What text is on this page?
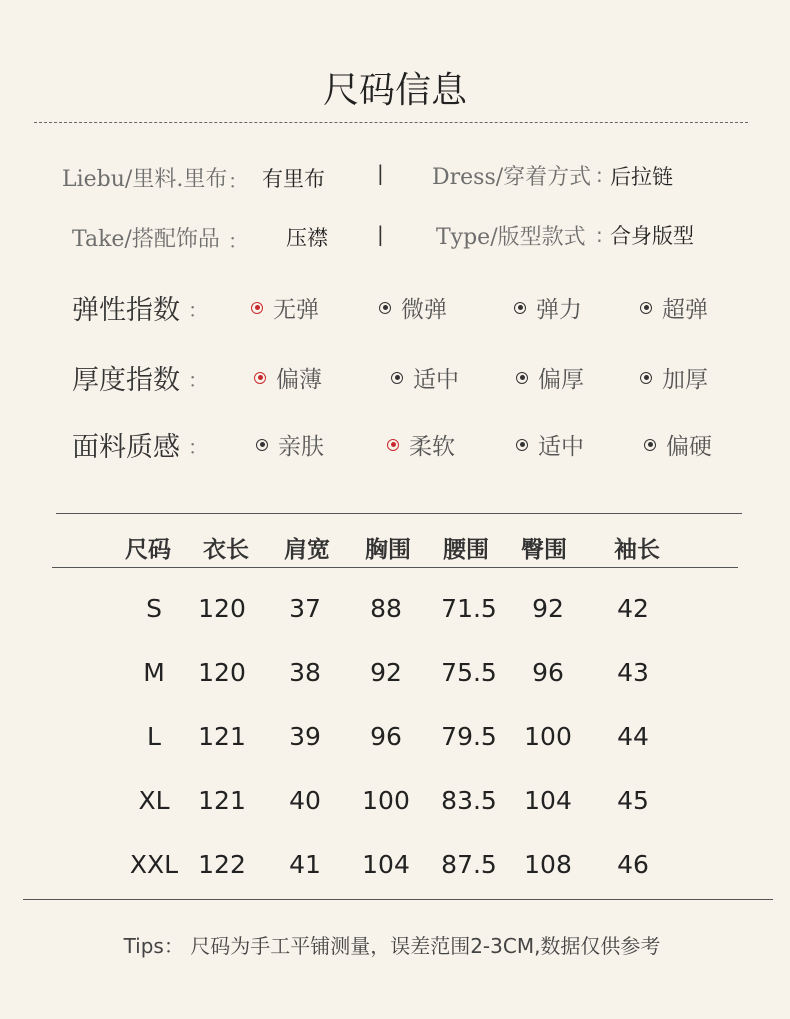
尺码信息
Liebu/里料.里布 ： 有里布	| Dress/穿着方式 : 后拉链
Take/搭配饰品 ： 压襟 | Type/版型款式 : 合身版型
弹性指数 ：	无弹	微弹	弹力	超弹
厚度指数 ：	偏薄	适中	偏厚	加厚
面料质感 ：	亲肤	柔软	适中	偏硬
尺码 衣长 肩宽 胸围 腰围 臀围 袖长
S 120 37 88 71.5 92 42
M 120 38 92 75.5 96 43
L 121 39 96 79.5 100 44
XL 121 40 100 83.5 104 45
XXL 122 41 104 87.5 108 46
Tips： 尺码为手工平铺测量，误差范围2-3CM,数据仅供参考
